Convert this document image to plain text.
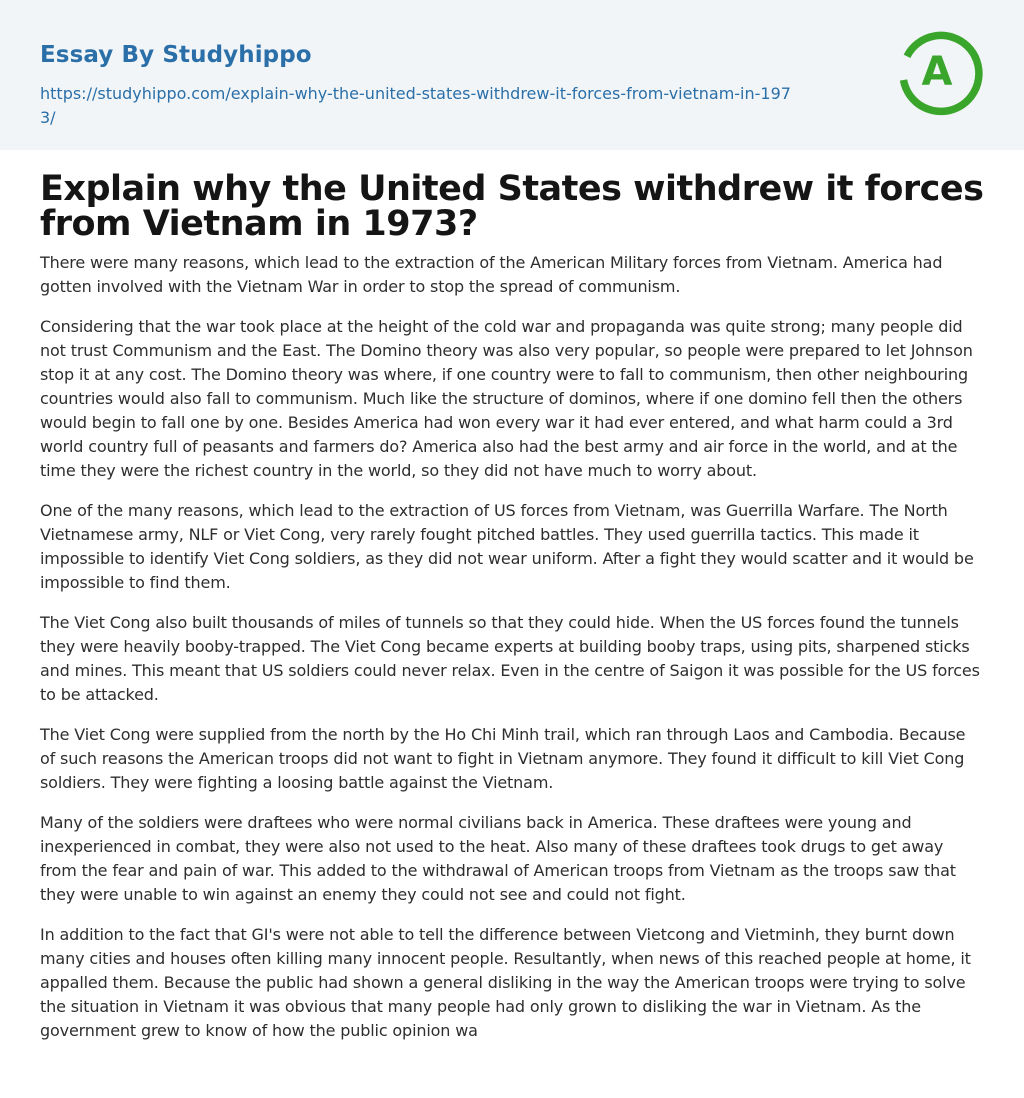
Essay By Studyhippo
https://studyhippo.com/explain-why-the-united-states-withdrew-it-forces-from-vietnam-in-1973/
A
Explain why the United States withdrew it forces from Vietnam in 1973?

There were many reasons, which lead to the extraction of the American Military forces from Vietnam. America had gotten involved with the Vietnam War in order to stop the spread of communism.

Considering that the war took place at the height of the cold war and propaganda was quite strong; many people did not trust Communism and the East. The Domino theory was also very popular, so people were prepared to let Johnson stop it at any cost. The Domino theory was where, if one country were to fall to communism, then other neighbouring countries would also fall to communism. Much like the structure of dominos, where if one domino fell then the others would begin to fall one by one. Besides America had won every war it had ever entered, and what harm could a 3rd world country full of peasants and farmers do? America also had the best army and air force in the world, and at the time they were the richest country in the world, so they did not have much to worry about.

One of the many reasons, which lead to the extraction of US forces from Vietnam, was Guerrilla Warfare. The North Vietnamese army, NLF or Viet Cong, very rarely fought pitched battles. They used guerrilla tactics. This made it impossible to identify Viet Cong soldiers, as they did not wear uniform. After a fight they would scatter and it would be impossible to find them.

The Viet Cong also built thousands of miles of tunnels so that they could hide. When the US forces found the tunnels they were heavily booby-trapped. The Viet Cong became experts at building booby traps, using pits, sharpened sticks and mines. This meant that US soldiers could never relax. Even in the centre of Saigon it was possible for the US forces to be attacked.

The Viet Cong were supplied from the north by the Ho Chi Minh trail, which ran through Laos and Cambodia. Because of such reasons the American troops did not want to fight in Vietnam anymore. They found it difficult to kill Viet Cong soldiers. They were fighting a loosing battle against the Vietnam.

Many of the soldiers were draftees who were normal civilians back in America. These draftees were young and inexperienced in combat, they were also not used to the heat. Also many of these draftees took drugs to get away from the fear and pain of war. This added to the withdrawal of American troops from Vietnam as the troops saw that they were unable to win against an enemy they could not see and could not fight.

In addition to the fact that GI's were not able to tell the difference between Vietcong and Vietminh, they burnt down many cities and houses often killing many innocent people. Resultantly, when news of this reached people at home, it appalled them. Because the public had shown a general disliking in the way the American troops were trying to solve the situation in Vietnam it was obvious that many people had only grown to disliking the war in Vietnam. As the government grew to know of how the public opinion wa
